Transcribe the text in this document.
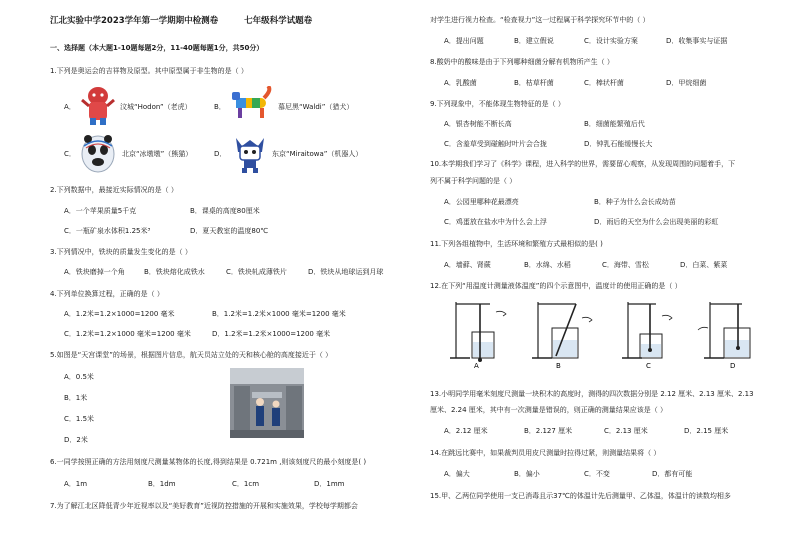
江北实验中学2023学年第一学期期中检测卷	七年级科学试题卷
一、选择题（本大题1-10题每题2分，11-40题每题1分，共50分）
1.下列是奥运会的吉祥物及原型。其中原型属于非生物的是（ ）
A．	汶城“Hodon”（老虎）	B．	慕尼黑“Waldi”（猎犬）
C．	北京“冰墩墩”（熊猫）	D．	东京“Miraitowa”（机器人）
2.下列数据中，最接近实际情况的是（ ）
A．一个苹果质量5千克	B．课桌的高度80厘米
C．一瓶矿泉水体积1.25米³	D．夏天教室的温度80℃
3.下列情况中，铁块的质量发生变化的是（ ）
A．铁块磨掉一个角	B．铁块熔化成铁水	C．铁块轧成薄铁片	D．铁块从地球运到月球
4.下列单位换算过程，正确的是（ ）
A．1.2米=1.2×1000=1200 毫米	B．1.2米=1.2米×1000 毫米=1200 毫米
C．1.2米=1.2×1000 毫米=1200 毫米	D．1.2米=1.2米×1000=1200 毫米
5.如图是“天宫课堂”的场景，根据图片信息，航天员站立处的天和核心舱的高度接近于（ ）
A．0.5米
B．1米
C．1.5米
D．2米
6.一同学按照正确的方法用刻度尺测量某物体的长度,得到结果是 0.721m ,则该刻度尺的最小刻度是( )
A．1m	B．1dm	C．1cm	D．1mm
7.为了解江北区降低青少年近视率以及“美好教育”近视防控措施的开展和实施效果，学校每学期都会
对学生进行视力检查。“检查视力”这一过程属于科学探究环节中的（ ）
A．提出问题	B．建立假说	C．设计实验方案	D．收集事实与证据
8.酸奶中的酸味是由于下列哪种细菌分解有机物所产生（ ）
A．乳酸菌	B．枯草杆菌	C．棒状杆菌	D．甲烷细菌
9.下列现象中，不能体现生物特征的是（ ）
A．银杏树能不断长高	B．细菌能繁殖后代
C．含羞草受到碰触时叶片会合拢	D．钟乳石能缓慢长大
10.本学期我们学习了《科学》课程，进入科学的世界，需要留心观察，从发现周围的问题着手，下
列不属于科学问题的是（ ）
A．公园里哪种花最漂亮	B．种子为什么会长成幼苗
C．鸡蛋放在盐水中为什么会上浮	D．雨后的天空为什么会出现美丽的彩虹
11.下列各组植物中，生活环境和繁殖方式最相似的是( )
A．墙藓、肾蕨	B．水绵、水稻	C．海带、雪松	D．白菜、紫菜
12.在下列“用温度计测量液体温度”的四个示意图中，温度计的使用正确的是（ ）
A	B	C	D
13.小明同学用毫米刻度尺测量一块积木的高度时，测得的四次数据分别是 2.12 厘米、2.13 厘米、2.13
厘米、2.24 厘米，其中有一次测量是错误的，则正确的测量结果应该是（ ）
A．2.12 厘米	B．2.127 厘米	C．2.13 厘米	D．2.15 厘米
14.在跳远比赛中，如果裁判员用皮尺测量时拉得过紧，则测量结果将（ ）
A．偏大	B．偏小	C．不变	D．都有可能
15.甲、乙两位同学使用一支已消毒且示37℃的体温计先后测量甲、乙体温，体温计的读数均相多
